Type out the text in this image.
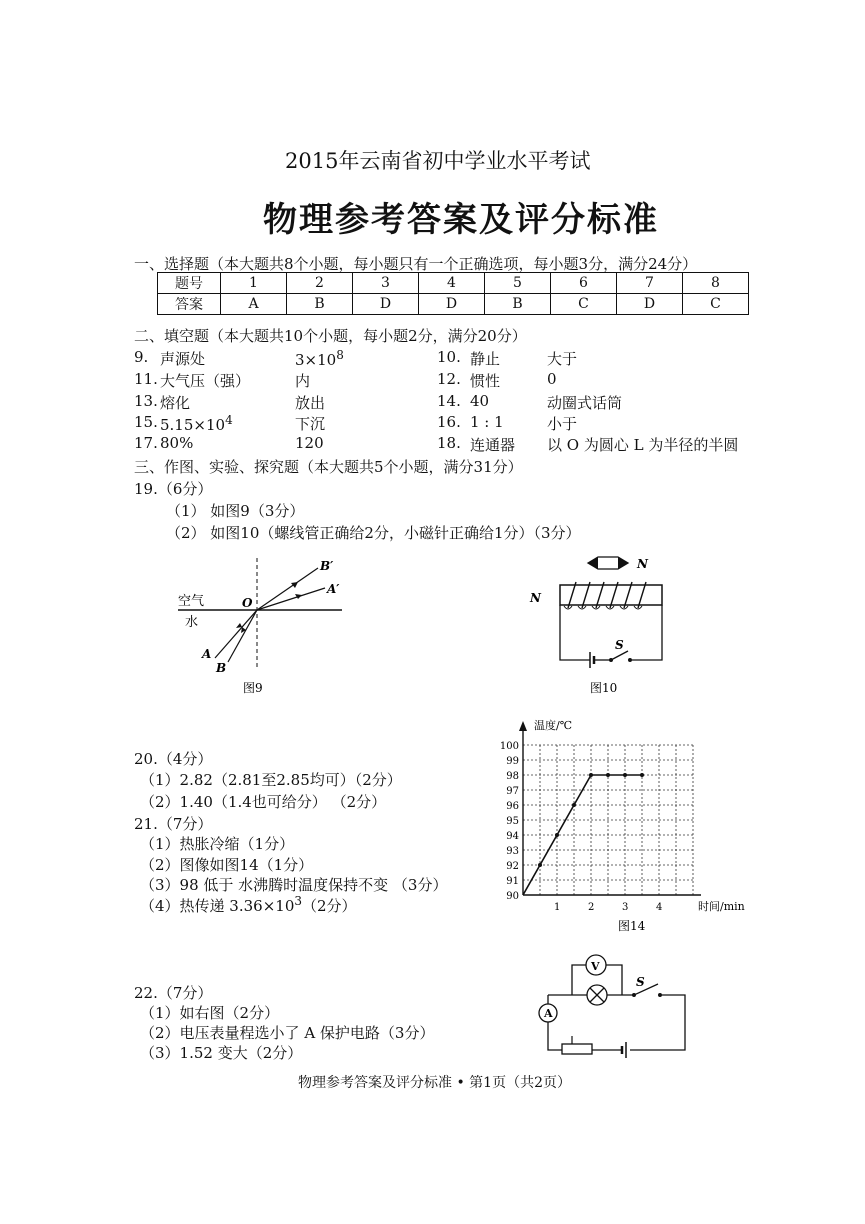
2015年云南省初中学业水平考试
物理参考答案及评分标准
一、选择题（本大题共8个小题，每小题只有一个正确选项，每小题3分，满分24分）
题号	1	2	3	4	5	6	7	8
答案	A	B	D	D	B	C	D	C
二、填空题（本大题共10个小题，每小题2分，满分20分）
9. 声源处	$3\times 10^8$	10. 静止	大于
11. 大气压（强）	内	12. 惯性	0
13. 熔化	放出	14. 40	动圈式话筒
15. $5.15\times 10^4$	下沉	16. 1 : 1	小于
17. 80%	120	18. 连通器 以 O 为圆心 L 为半径的半圆
三、作图、实验、探究题（本大题共5个小题，满分31分）
19.（6分）
（1） 如图9（3分）
（2） 如图10（螺线管正确给2分，小磁针正确给1分）（3分）
空气
水
O
A
B
A′
B′
图9
N
N
S
图10
温度/℃
时间/min
图14
90
91
92
93
94
95
96
97
98
99
100
1	2	3	4
20.（4分）
（1）2.82（2.81至2.85均可）（2分）
（2）1.40（1.4也可给分） （2分）
21.（7分）
（1）热胀冷缩（1分）
（2）图像如图14（1分）
（3）98 低于 水沸腾时温度保持不变 （3分）
（4）热传递 $3.36\times 10^3(2$分）
22.（7分）
（1）如右图（2分）
（2）电压表量程选小了 A 保护电路（3分）
（3）1.52 变大（2分）
V
S
A
物理参考答案及评分标准 • 第1页（共2页）
